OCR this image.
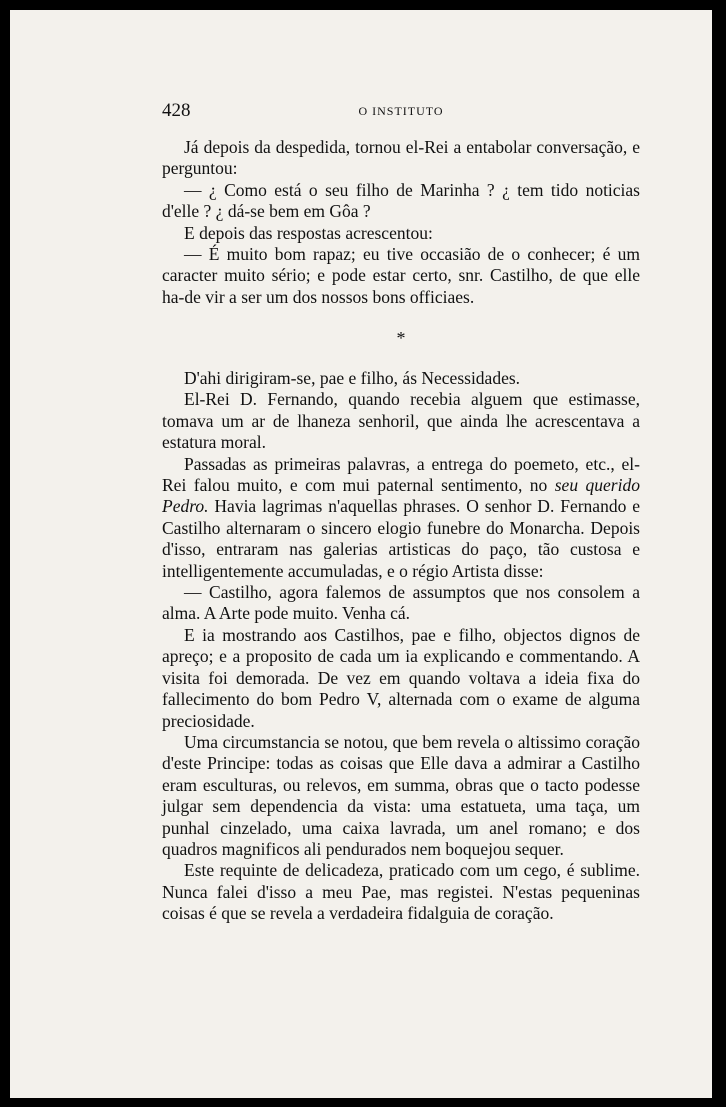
428	O INSTITUTO

Já depois da despedida, tornou el-Rei a entabolar conversação, e perguntou:

— ¿ Como está o seu filho de Marinha ? ¿ tem tido noticias d'elle ? ¿ dá-se bem em Gôa ?

E depois das respostas acrescentou:

— É muito bom rapaz; eu tive occasião de o conhecer; é um caracter muito sério; e pode estar certo, snr. Castilho, de que elle ha-de vir a ser um dos nossos bons officiaes.

*

D'ahi dirigiram-se, pae e filho, ás Necessidades.

El-Rei D. Fernando, quando recebia alguem que estimasse, tomava um ar de lhaneza senhoril, que ainda lhe acrescentava a estatura moral.

Passadas as primeiras palavras, a entrega do poemeto, etc., el-Rei falou muito, e com mui paternal sentimento, no seu querido Pedro. Havia lagrimas n'aquellas phrases. O senhor D. Fernando e Castilho alternaram o sincero elogio funebre do Monarcha. Depois d'isso, entraram nas galerias artisticas do paço, tão custosa e intelligentemente accumuladas, e o régio Artista disse:

— Castilho, agora falemos de assumptos que nos consolem a alma. A Arte pode muito. Venha cá.

E ia mostrando aos Castilhos, pae e filho, objectos dignos de apreço; e a proposito de cada um ia explicando e commentando. A visita foi demorada. De vez em quando voltava a ideia fixa do fallecimento do bom Pedro V, alternada com o exame de alguma preciosidade.

Uma circumstancia se notou, que bem revela o altissimo coração d'este Principe: todas as coisas que Elle dava a admirar a Castilho eram esculturas, ou relevos, em summa, obras que o tacto podesse julgar sem dependencia da vista: uma estatueta, uma taça, um punhal cinzelado, uma caixa lavrada, um anel romano; e dos quadros magnificos ali pendurados nem boquejou sequer.

Este requinte de delicadeza, praticado com um cego, é sublime. Nunca falei d'isso a meu Pae, mas registei. N'estas pequeninas coisas é que se revela a verdadeira fidalguia de coração.
